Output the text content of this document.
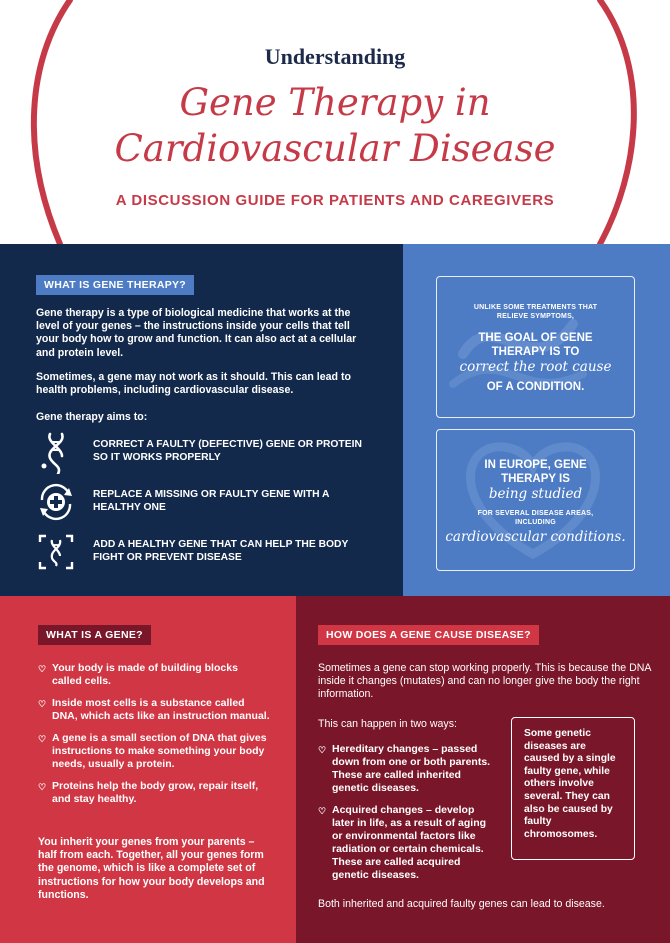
Understanding
Gene Therapy in
Cardiovascular Disease
A DISCUSSION GUIDE FOR PATIENTS AND CAREGIVERS
WHAT IS GENE THERAPY?
Gene therapy is a type of biological medicine that works at the level of your genes – the instructions inside your cells that tell your body how to grow and function. It can also act at a cellular and protein level.
Sometimes, a gene may not work as it should. This can lead to health problems, including cardiovascular disease.
Gene therapy aims to:
CORRECT A FAULTY (DEFECTIVE) GENE OR PROTEIN SO IT WORKS PROPERLY
REPLACE A MISSING OR FAULTY GENE WITH A HEALTHY ONE
ADD A HEALTHY GENE THAT CAN HELP THE BODY FIGHT OR PREVENT DISEASE
UNLIKE SOME TREATMENTS THAT RELIEVE SYMPTOMS,
THE GOAL OF GENE THERAPY IS TO
correct the root cause
OF A CONDITION.
IN EUROPE, GENE THERAPY IS
being studied
FOR SEVERAL DISEASE AREAS, INCLUDING
cardiovascular conditions.
WHAT IS A GENE?
♡ Your body is made of building blocks called cells.
♡ Inside most cells is a substance called DNA, which acts like an instruction manual.
♡ A gene is a small section of DNA that gives instructions to make something your body needs, usually a protein.
♡ Proteins help the body grow, repair itself, and stay healthy.
You inherit your genes from your parents – half from each. Together, all your genes form the genome, which is like a complete set of instructions for how your body develops and functions.
HOW DOES A GENE CAUSE DISEASE?
Sometimes a gene can stop working properly. This is because the DNA inside it changes (mutates) and can no longer give the body the right information.
This can happen in two ways:
♡ Hereditary changes – passed down from one or both parents. These are called inherited genetic diseases.
♡ Acquired changes – develop later in life, as a result of aging or environmental factors like radiation or certain chemicals. These are called acquired genetic diseases.
Both inherited and acquired faulty genes can lead to disease.
Some genetic diseases are caused by a single faulty gene, while others involve several. They can also be caused by faulty chromosomes.
